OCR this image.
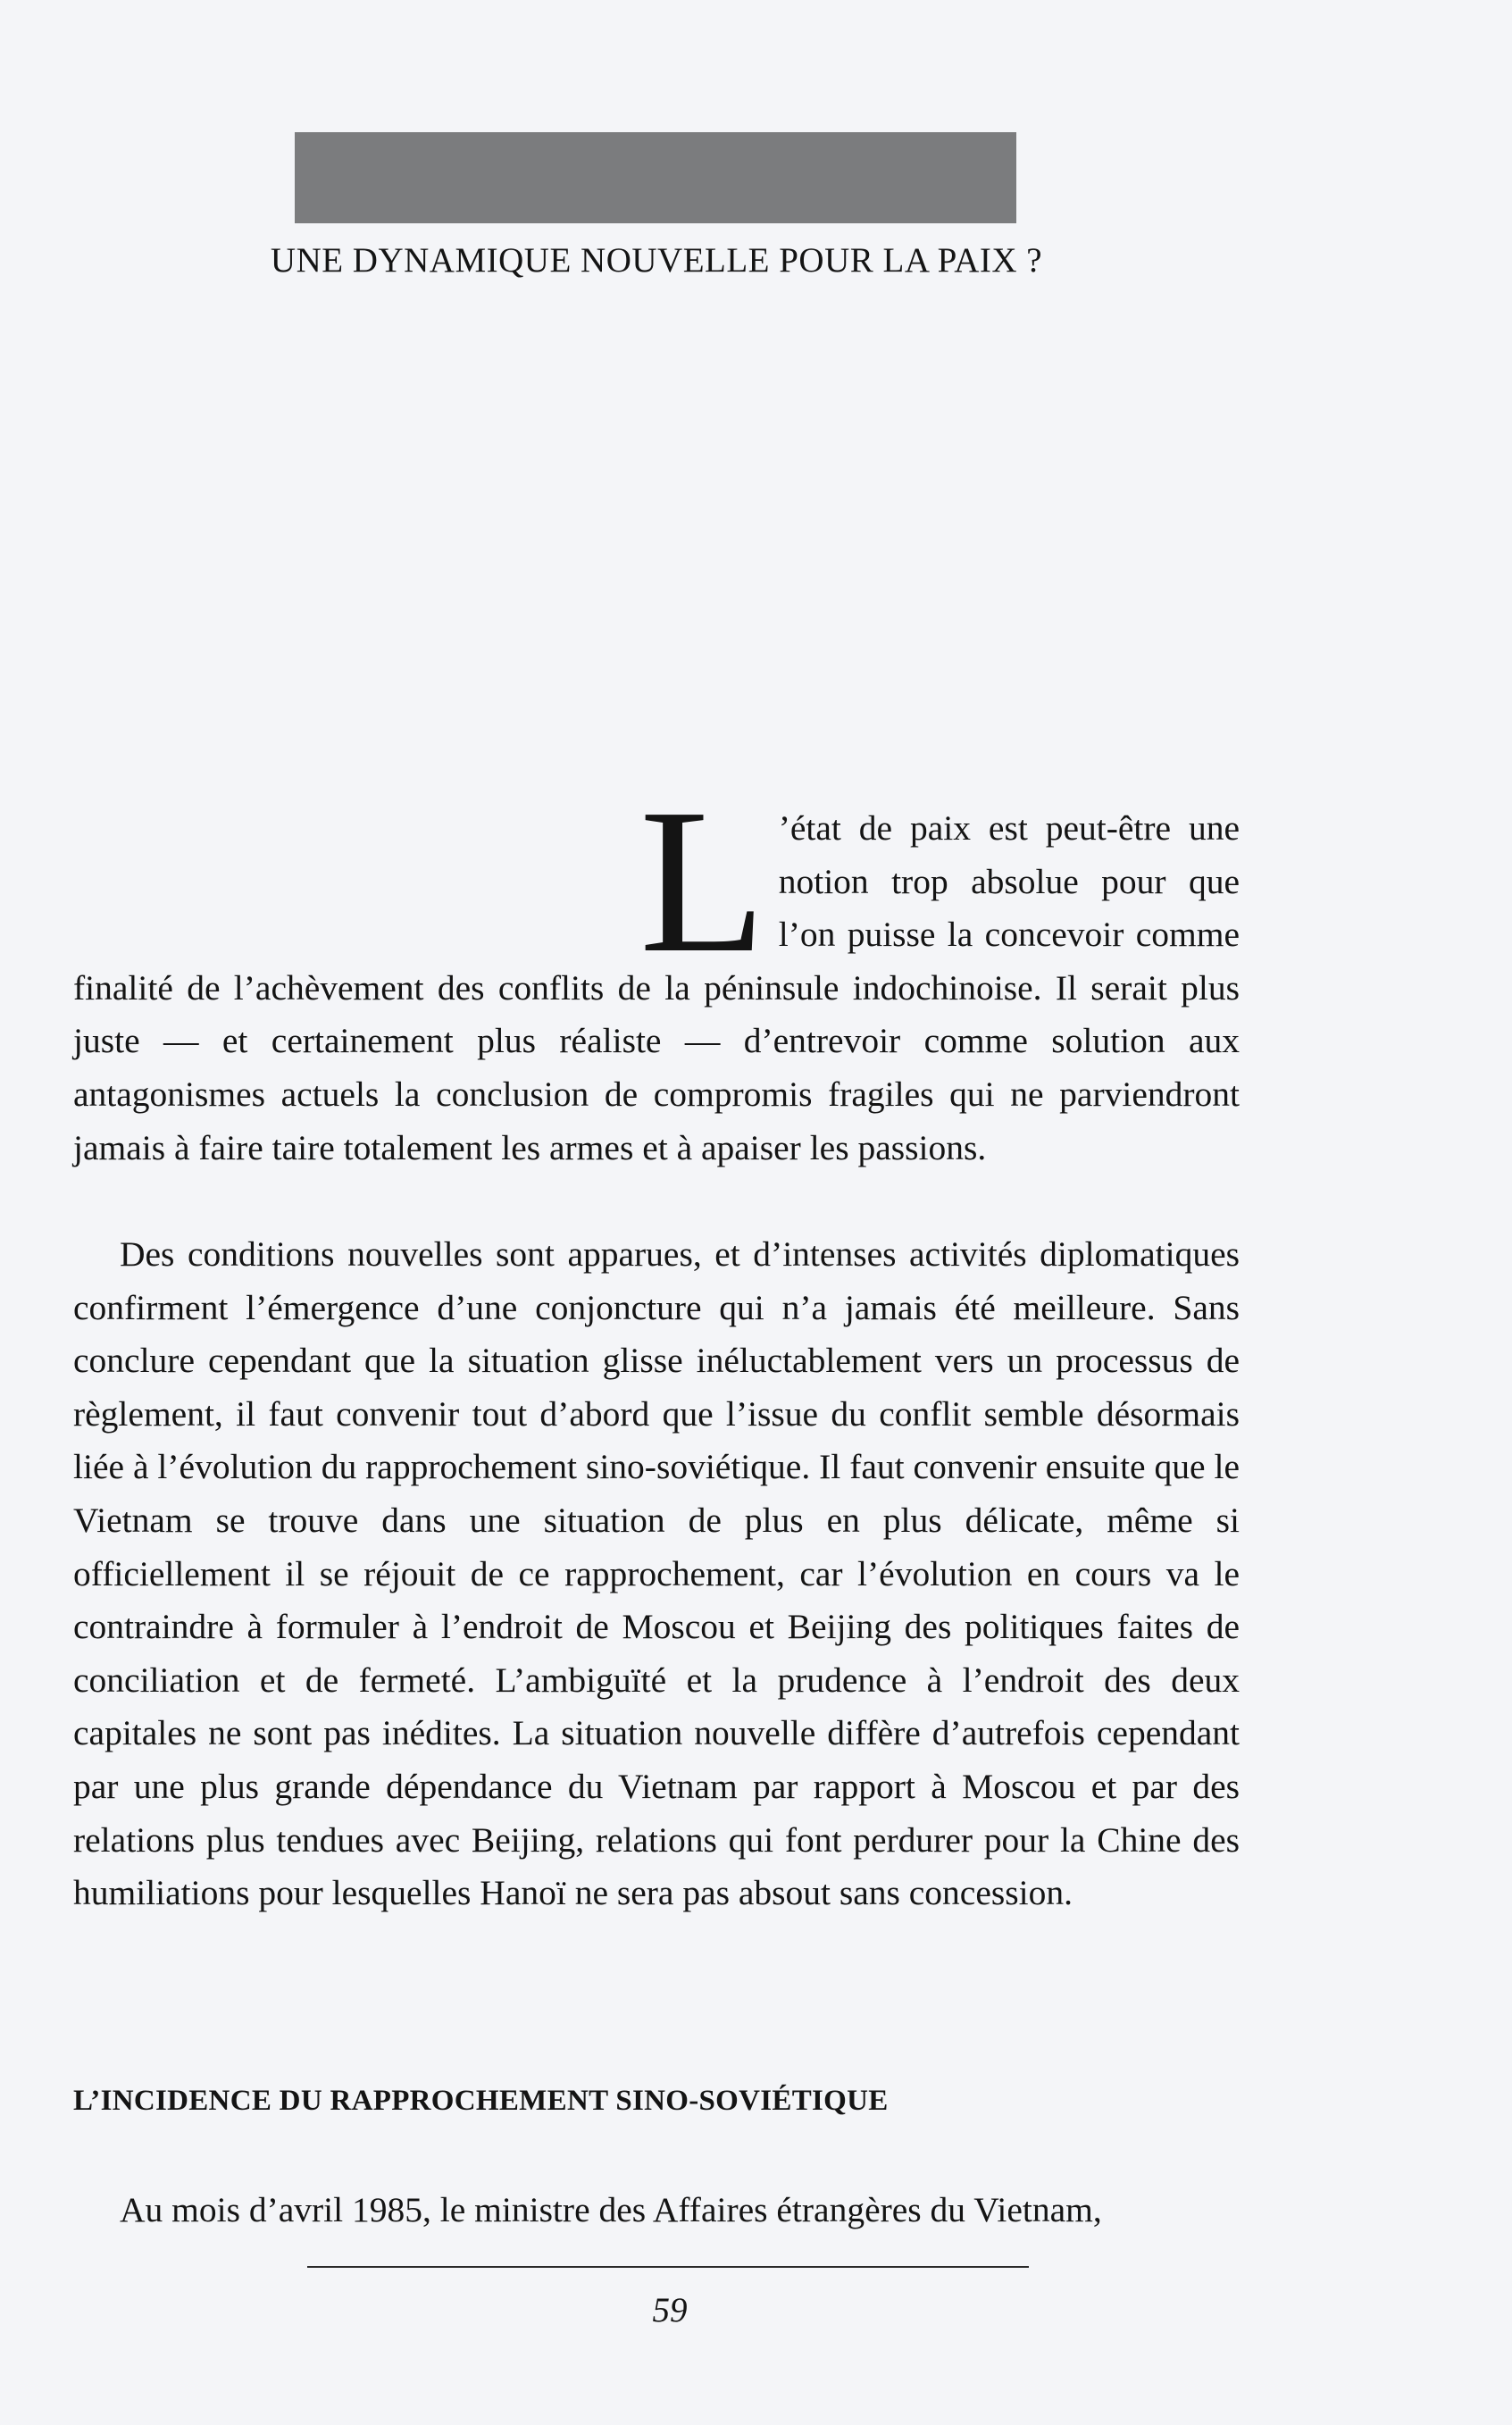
UNE DYNAMIQUE NOUVELLE POUR LA PAIX ?

L ’état de paix est peut-être une notion trop absolue pour que l’on puisse la concevoir comme finalité de l’achèvement des conflits de la péninsule indochinoise. Il serait plus juste — et certainement plus réaliste — d’entrevoir comme solution aux antagonismes actuels la conclusion de compromis fragiles qui ne parviendront jamais à faire taire totalement les armes et à apaiser les passions.

Des conditions nouvelles sont apparues, et d’intenses activités diplomatiques confirment l’émergence d’une conjoncture qui n’a jamais été meilleure. Sans conclure cependant que la situation glisse inéluctablement vers un processus de règlement, il faut convenir tout d’abord que l’issue du conflit semble désormais liée à l’évolution du rapprochement sino-soviétique. Il faut convenir ensuite que le Vietnam se trouve dans une situation de plus en plus délicate, même si officiellement il se réjouit de ce rapprochement, car l’évolution en cours va le contraindre à formuler à l’endroit de Moscou et Beijing des politiques faites de conciliation et de fermeté. L’ambiguïté et la prudence à l’endroit des deux capitales ne sont pas inédites. La situation nouvelle diffère d’autrefois cependant par une plus grande dépendance du Vietnam par rapport à Moscou et par des relations plus tendues avec Beijing, relations qui font perdurer pour la Chine des humiliations pour lesquelles Hanoï ne sera pas absout sans concession.

L’INCIDENCE DU RAPPROCHEMENT SINO-SOVIÉTIQUE

Au mois d’avril 1985, le ministre des Affaires étrangères du Vietnam,

59
